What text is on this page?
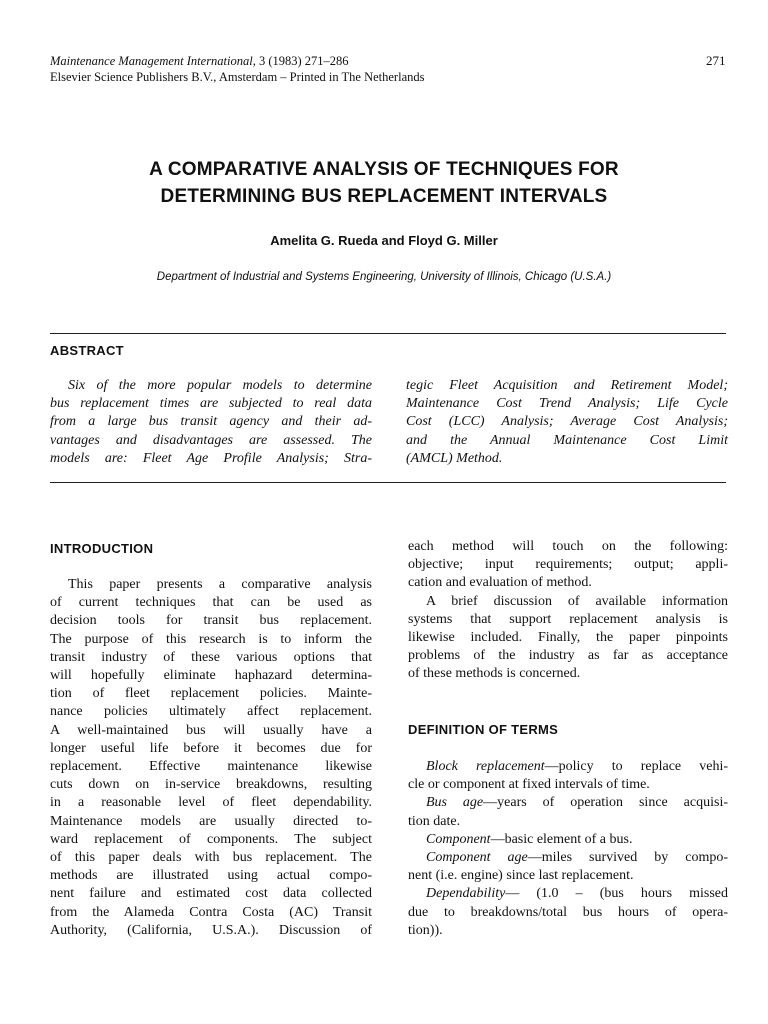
Maintenance Management International, 3 (1983) 271–286
Elsevier Science Publishers B.V., Amsterdam – Printed in The Netherlands
271
A COMPARATIVE ANALYSIS OF TECHNIQUES FOR
DETERMINING BUS REPLACEMENT INTERVALS
Amelita G. Rueda and Floyd G. Miller
Department of Industrial and Systems Engineering, University of Illinois, Chicago (U.S.A.)
ABSTRACT

Six of the more popular models to determine

bus replacement times are subjected to real data

from a large bus transit agency and their ad-

vantages and disadvantages are assessed. The

models are: Fleet Age Profile Analysis; Stra-

tegic Fleet Acquisition and Retirement Model;

Maintenance Cost Trend Analysis; Life Cycle

Cost (LCC) Analysis; Average Cost Analysis;

and the Annual Maintenance Cost Limit

(AMCL) Method.

INTRODUCTION

This paper presents a comparative analysis

of current techniques that can be used as

decision tools for transit bus replacement.

The purpose of this research is to inform the

transit industry of these various options that

will hopefully eliminate haphazard determina-

tion of fleet replacement policies. Mainte-

nance policies ultimately affect replacement.

A well-maintained bus will usually have a

longer useful life before it becomes due for

replacement. Effective maintenance likewise

cuts down on in-service breakdowns, resulting

in a reasonable level of fleet dependability.

Maintenance models are usually directed to-

ward replacement of components. The subject

of this paper deals with bus replacement. The

methods are illustrated using actual compo-

nent failure and estimated cost data collected

from the Alameda Contra Costa (AC) Transit

Authority, (California, U.S.A.). Discussion of

each method will touch on the following:

objective; input requirements; output; appli-

cation and evaluation of method.

A brief discussion of available information

systems that support replacement analysis is

likewise included. Finally, the paper pinpoints

problems of the industry as far as acceptance

of these methods is concerned.

DEFINITION OF TERMS

Block replacement—policy to replace vehi-

cle or component at fixed intervals of time.

Bus age—years of operation since acquisi-

tion date.

Component—basic element of a bus.

Component age—miles survived by compo-

nent (i.e. engine) since last replacement.

Dependability— (1.0 – (bus hours missed

due to breakdowns/total bus hours of opera-

tion)).
